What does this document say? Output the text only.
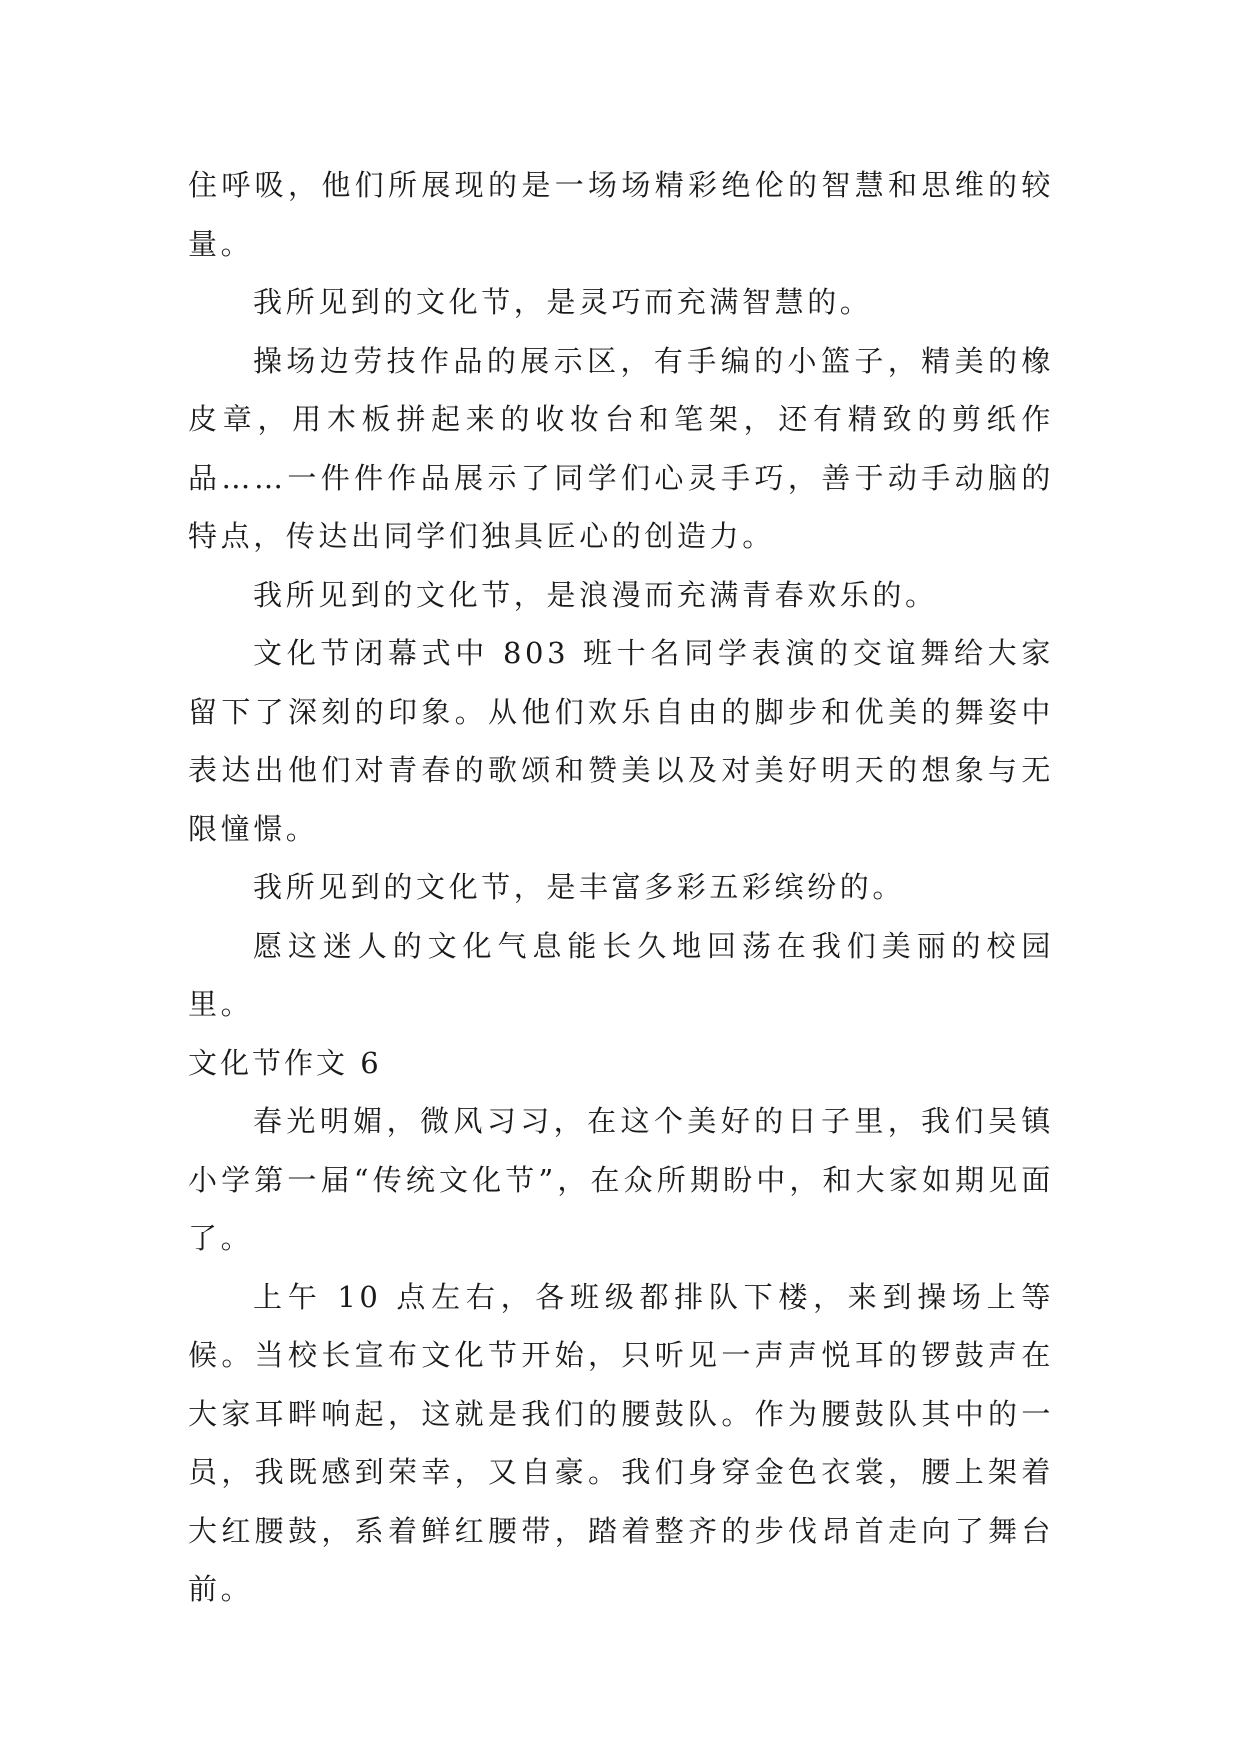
住呼吸，他们所展现的是一场场精彩绝伦的智慧和思维的较量。

我所见到的文化节，是灵巧而充满智慧的。

操场边劳技作品的展示区，有手编的小篮子，精美的橡皮章，用木板拼起来的收妆台和笔架，还有精致的剪纸作品……一件件作品展示了同学们心灵手巧，善于动手动脑的特点，传达出同学们独具匠心的创造力。

我所见到的文化节，是浪漫而充满青春欢乐的。

文化节闭幕式中 803 班十名同学表演的交谊舞给大家留下了深刻的印象。从他们欢乐自由的脚步和优美的舞姿中表达出他们对青春的歌颂和赞美以及对美好明天的想象与无限憧憬。

我所见到的文化节，是丰富多彩五彩缤纷的。

愿这迷人的文化气息能长久地回荡在我们美丽的校园里。

文化节作文 6

春光明媚，微风习习，在这个美好的日子里，我们吴镇小学第一届“传统文化节”，在众所期盼中，和大家如期见面了。

上午 10 点左右，各班级都排队下楼，来到操场上等候。当校长宣布文化节开始，只听见一声声悦耳的锣鼓声在大家耳畔响起，这就是我们的腰鼓队。作为腰鼓队其中的一员，我既感到荣幸，又自豪。我们身穿金色衣裳，腰上架着大红腰鼓，系着鲜红腰带，踏着整齐的步伐昂首走向了舞台前。
